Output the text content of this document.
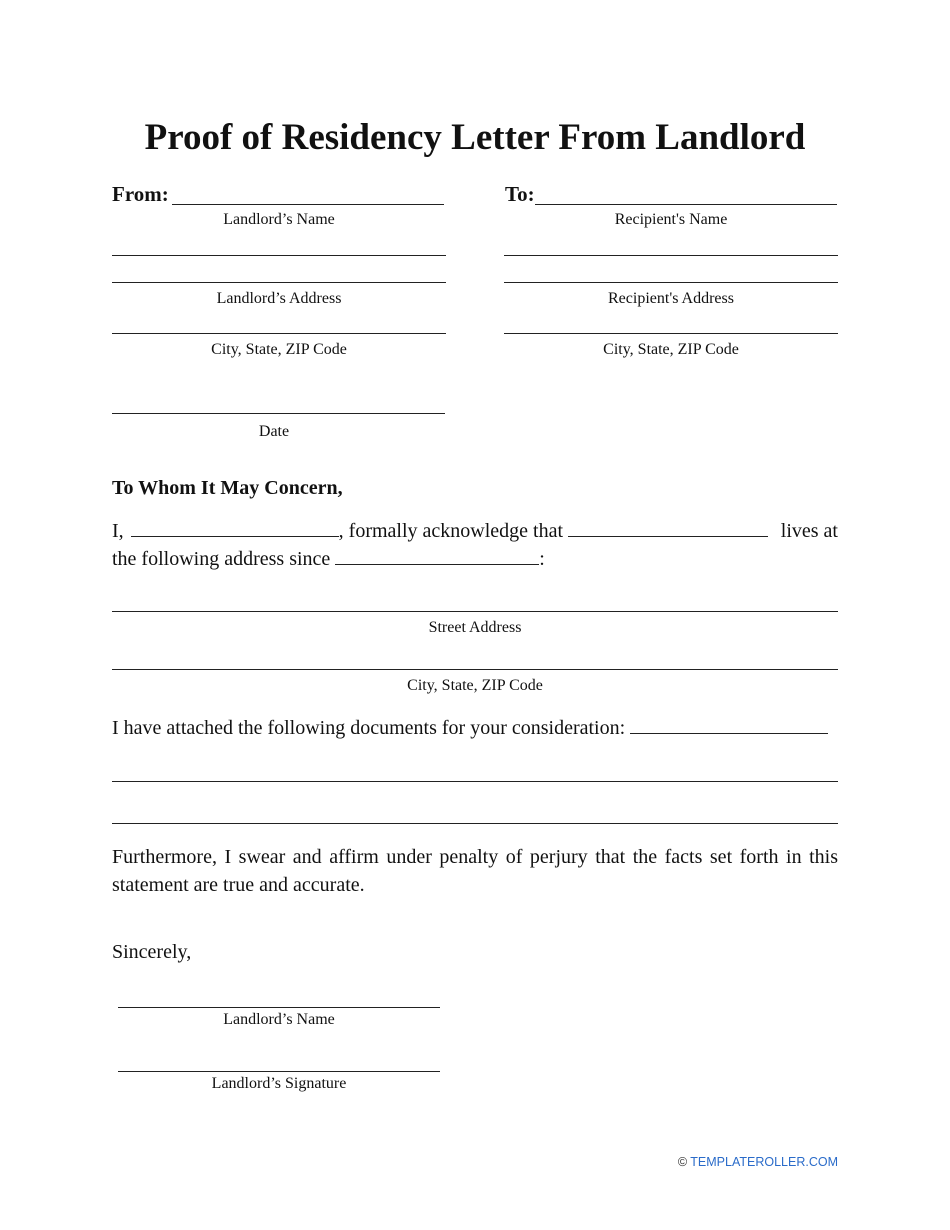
Proof of Residency Letter From Landlord
From:
Landlord’s Name
To:
Recipient's Name
Landlord’s Address	Recipient's Address
City, State, ZIP Code	City, State, ZIP Code
Date
To Whom It May Concern,
I,	, formally acknowledge that	lives at
the following address since	:
Street Address
City, State, ZIP Code
I have attached the following documents for your consideration:
Furthermore, I swear and affirm under penalty of perjury that the facts set forth in this statement are true and accurate.
Sincerely,
Landlord’s Name
Landlord’s Signature
© TEMPLATEROLLER.COM
